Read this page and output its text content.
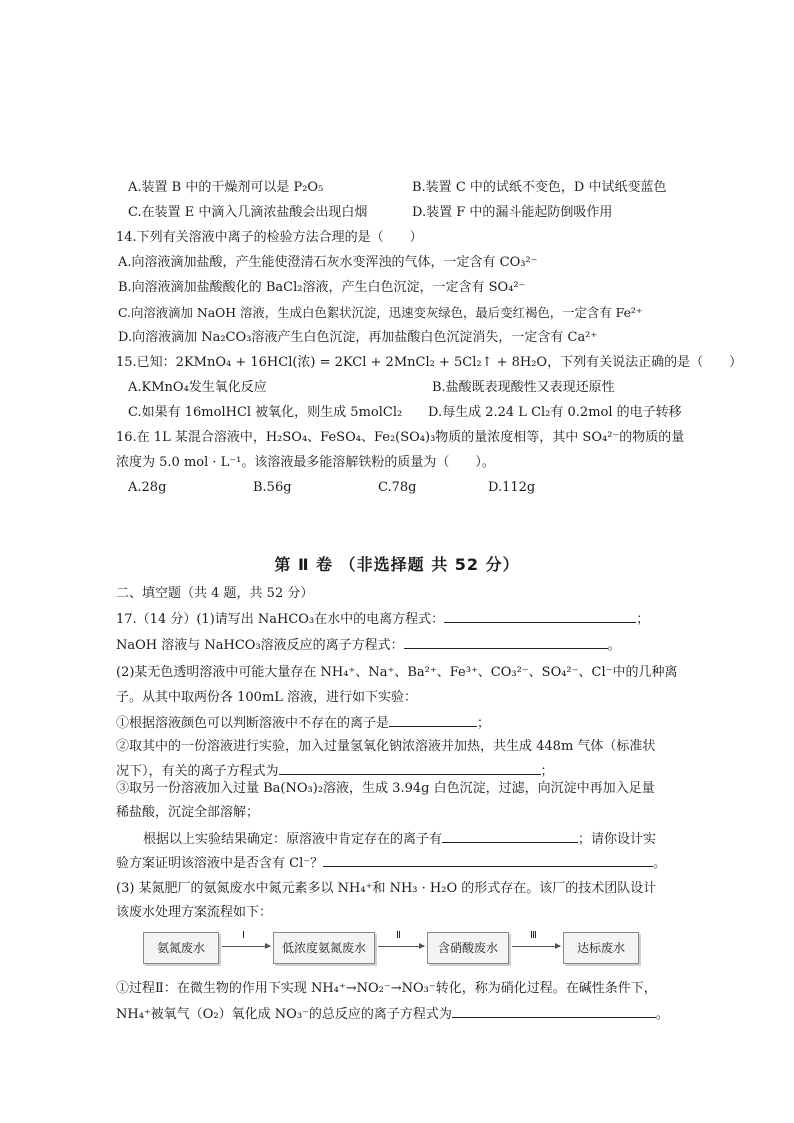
A.装置 B 中的干燥剂可以是 P₂O₅	B.装置 C 中的试纸不变色，D 中试纸变蓝色
C.在装置 E 中滴入几滴浓盐酸会出现白烟	D.装置 F 中的漏斗能起防倒吸作用
14.下列有关溶液中离子的检验方法合理的是（　　）
A.向溶液滴加盐酸，产生能使澄清石灰水变浑浊的气体，一定含有 CO₃²⁻
B.向溶液滴加盐酸酸化的 BaCl₂溶液，产生白色沉淀，一定含有 SO₄²⁻
C.向溶液滴加 NaOH 溶液，生成白色絮状沉淀，迅速变灰绿色，最后变红褐色，一定含有 Fe²⁺
D.向溶液滴加 Na₂CO₃溶液产生白色沉淀，再加盐酸白色沉淀消失，一定含有 Ca²⁺
15.已知：2KMnO₄ + 16HCl(浓) = 2KCl + 2MnCl₂ + 5Cl₂↑ + 8H₂O，下列有关说法正确的是（　　）
A.KMnO₄发生氧化反应	B.盐酸既表现酸性又表现还原性
C.如果有 16molHCl 被氧化，则生成 5molCl₂ D.每生成 2.24 L Cl₂有 0.2mol 的电子转移
16.在 1L 某混合溶液中，H₂SO₄、FeSO₄、Fe₂(SO₄)₃物质的量浓度相等，其中 SO₄²⁻的物质的量
浓度为 5.0 mol · L⁻¹。该溶液最多能溶解铁粉的质量为（　　）。
A.28g	B.56g	C.78g	D.112g
第 Ⅱ 卷 （非选择题 共 52 分）
二、填空题（共 4 题，共 52 分）
17.（14 分）(1)请写出 NaHCO₃在水中的电离方程式：	；
NaOH 溶液与 NaHCO₃溶液反应的离子方程式：	。
(2)某无色透明溶液中可能大量存在 NH₄⁺、Na⁺、Ba²⁺、Fe³⁺、CO₃²⁻、SO₄²⁻、Cl⁻中的几种离
子。从其中取两份各 100mL 溶液，进行如下实验：
①根据溶液颜色可以判断溶液中不存在的离子是	；
②取其中的一份溶液进行实验，加入过量氢氧化钠浓溶液并加热，共生成 448m 气体（标准状
况下），有关的离子方程式为	；
③取另一份溶液加入过量 Ba(NO₃)₂溶液，生成 3.94g 白色沉淀，过滤，向沉淀中再加入足量
稀盐酸，沉淀全部溶解；
根据以上实验结果确定：原溶液中肯定存在的离子有	；请你设计实
验方案证明该溶液中是否含有 Cl⁻？	。
(3) 某氮肥厂的氨氮废水中氮元素多以 NH₄⁺和 NH₃ · H₂O 的形式存在。该厂的技术团队设计
该废水处理方案流程如下：
氨氮废水
Ⅰ
低浓度氨氮废水
Ⅱ
含硝酸废水
Ⅲ
达标废水
①过程Ⅱ：在微生物的作用下实现 NH₄⁺→NO₂⁻→NO₃⁻转化，称为硝化过程。在碱性条件下，
NH₄⁺被氧气（O₂）氧化成 NO₃⁻的总反应的离子方程式为	。
